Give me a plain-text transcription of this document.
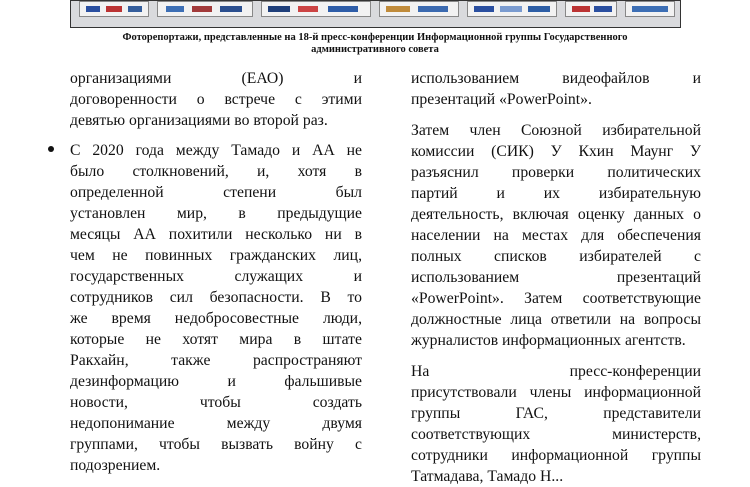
Фоторепортажи, представленные на 18-й пресс-конференции Информационной группы Государственного
административного совета

организациями (ЕАО) и

договоренности о встрече с этими

девятью организациями во второй раз.

С 2020 года между Тамадо и АА не

было столкновений, и, хотя в

определенной степени был

установлен мир, в предыдущие

месяцы АА похитили несколько ни в

чем не повинных гражданских лиц,

государственных служащих и

сотрудников сил безопасности. В то

же время недобросовестные люди,

которые не хотят мира в штате

Ракхайн, также распространяют

дезинформацию и фальшивые

новости, чтобы создать

недопонимание между двумя

группами, чтобы вызвать войну с

подозрением.

использованием видеофайлов и

презентаций «PowerPoint».

Затем член Союзной избирательной

комиссии (СИК) У Кхин Маунг У

разъяснил проверки политических

партий и их избирательную

деятельность, включая оценку данных о

населении на местах для обеспечения

полных списков избирателей с

использованием презентаций

«PowerPoint». Затем соответствующие

должностные лица ответили на вопросы

журналистов информационных агентств.

На пресс-конференции

присутствовали члены информационной

группы ГАС, представители

соответствующих министерств,

сотрудники информационной группы

Татмадава, Тамадо Н...
